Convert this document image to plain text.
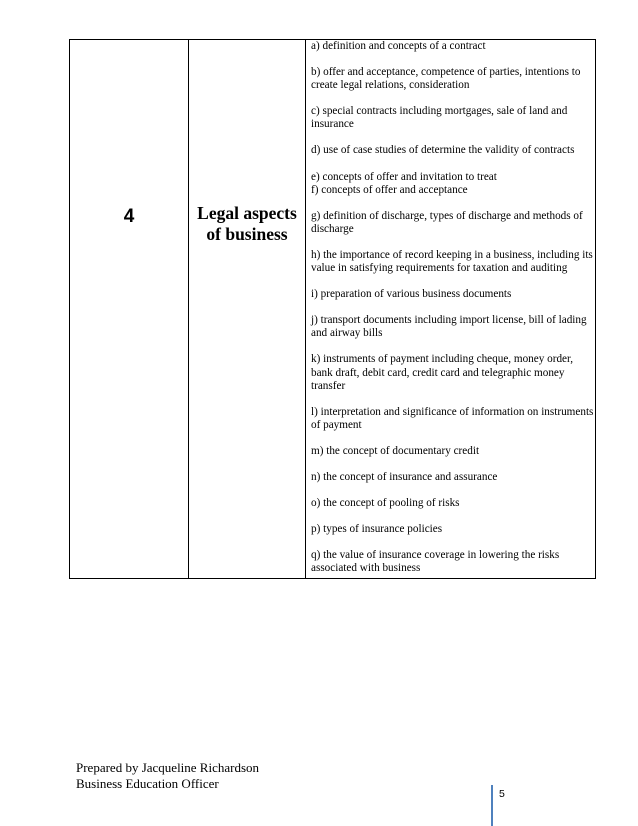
4	Legal aspects of business
a) definition and concepts of a contract
b) offer and acceptance, competence of parties, intentions to create legal relations, consideration
c) special contracts including mortgages, sale of land and insurance
d) use of case studies of determine the validity of contracts
e) concepts of offer and invitation to treat
f) concepts of offer and acceptance
g) definition of discharge, types of discharge and methods of discharge
h) the importance of record keeping in a business, including its value in satisfying requirements for taxation and auditing
i) preparation of various business documents
j) transport documents including import license, bill of lading and airway bills
k) instruments of payment including cheque, money order, bank draft, debit card, credit card and telegraphic money transfer
l) interpretation and significance of information on instruments of payment
m) the concept of documentary credit
n) the concept of insurance and assurance
o) the concept of pooling of risks
p) types of insurance policies
q) the value of insurance coverage in lowering the risks associated with business
Prepared by Jacqueline Richardson
Business Education Officer
5
